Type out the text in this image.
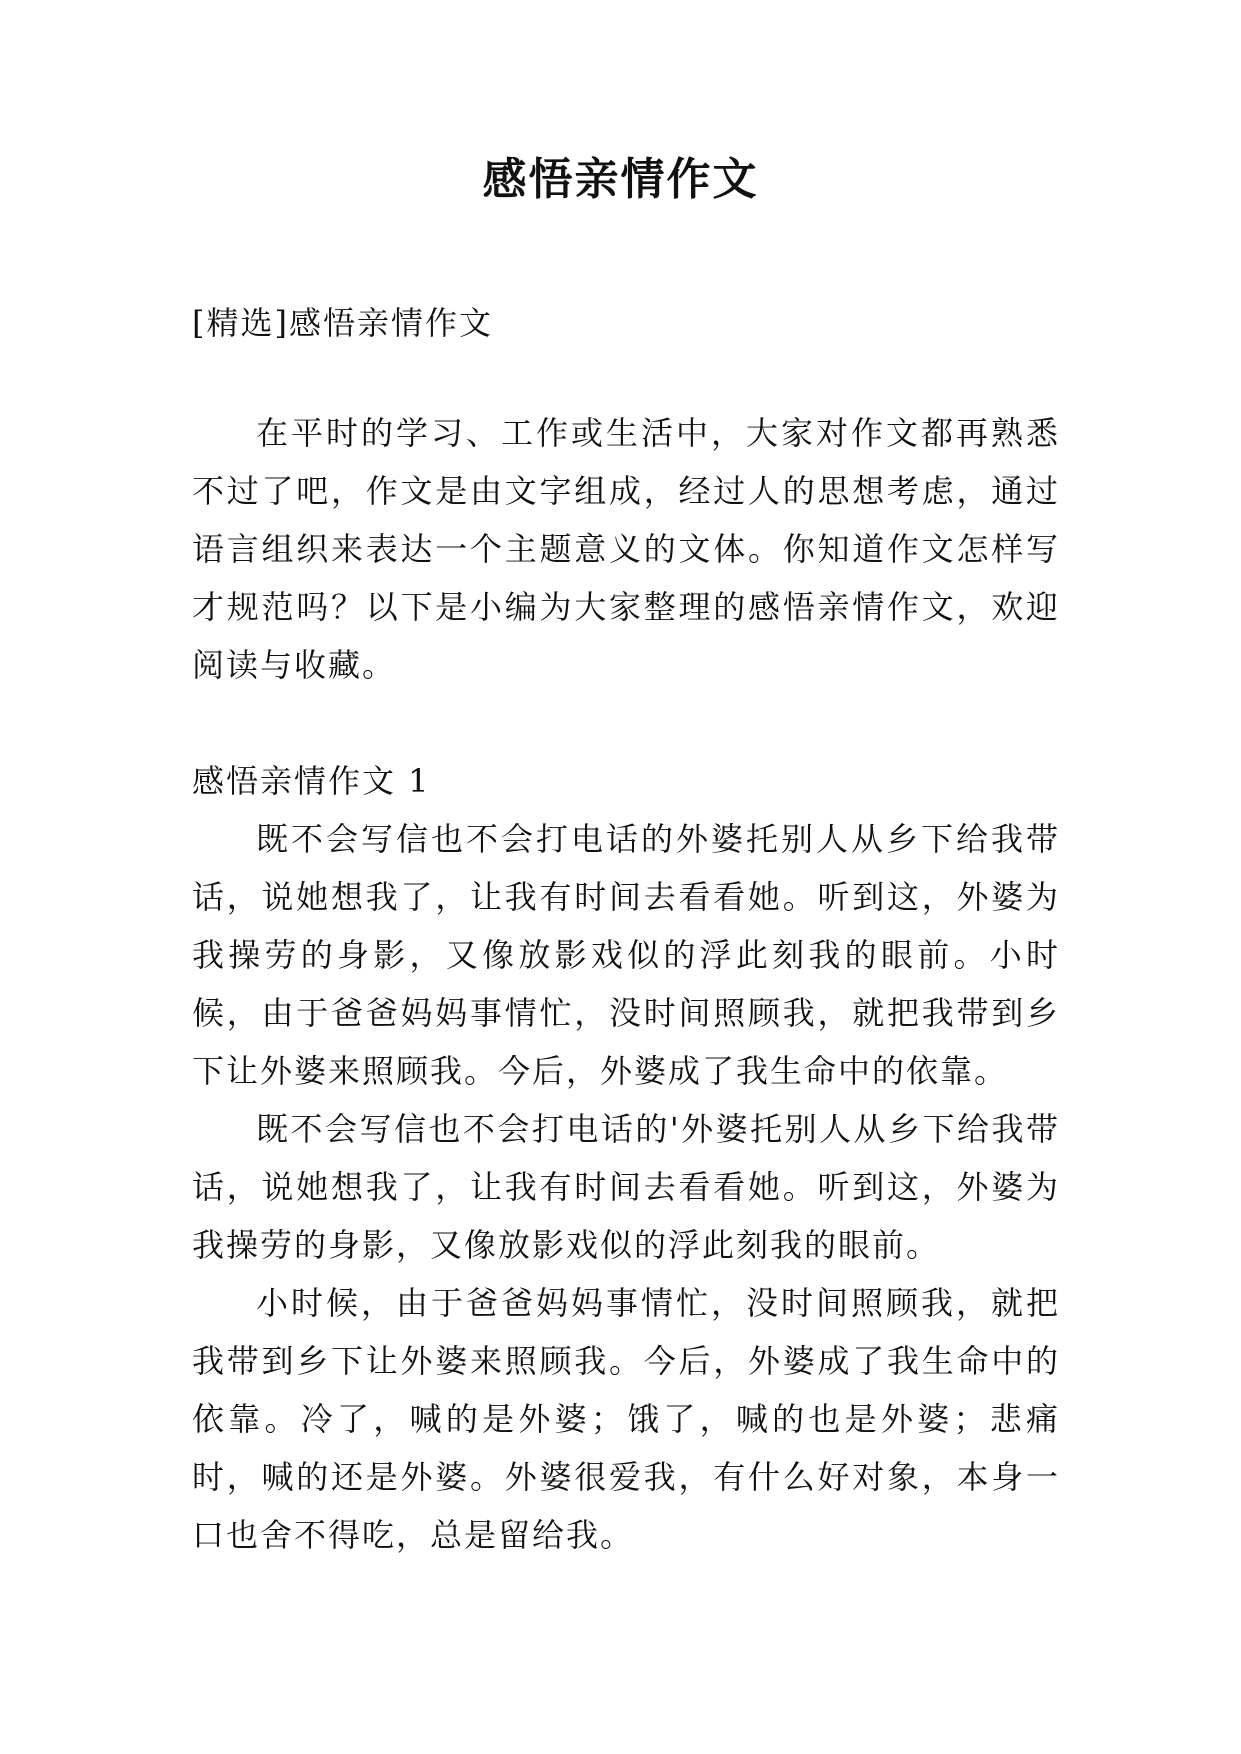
感悟亲情作文
[精选]感悟亲情作文

在平时的学习、工作或生活中，大家对作文都再熟悉不过了吧，作文是由文字组成，经过人的思想考虑，通过语言组织来表达一个主题意义的文体。你知道作文怎样写才规范吗？以下是小编为大家整理的感悟亲情作文，欢迎阅读与收藏。

感悟亲情作文 1

既不会写信也不会打电话的外婆托别人从乡下给我带话，说她想我了，让我有时间去看看她。听到这，外婆为我操劳的身影，又像放影戏似的浮此刻我的眼前。小时候，由于爸爸妈妈事情忙，没时间照顾我，就把我带到乡下让外婆来照顾我。今后，外婆成了我生命中的依靠。

既不会写信也不会打电话的'外婆托别人从乡下给我带话，说她想我了，让我有时间去看看她。听到这，外婆为我操劳的身影，又像放影戏似的浮此刻我的眼前。

小时候，由于爸爸妈妈事情忙，没时间照顾我，就把我带到乡下让外婆来照顾我。今后，外婆成了我生命中的依靠。冷了，喊的是外婆；饿了，喊的也是外婆；悲痛时，喊的还是外婆。外婆很爱我，有什么好对象，本身一口也舍不得吃，总是留给我。
